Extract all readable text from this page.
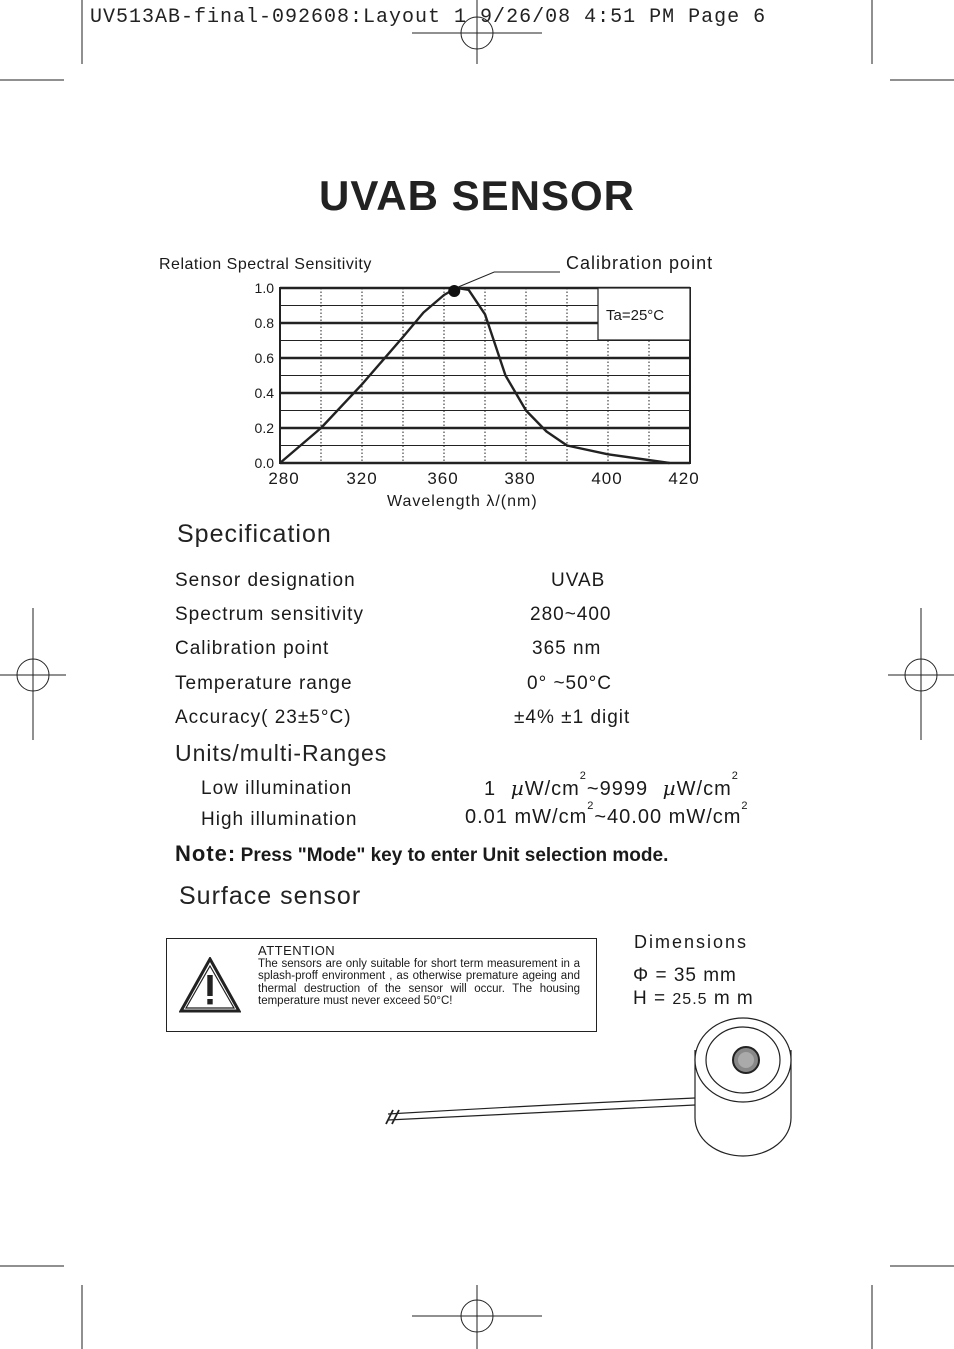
UV513AB-final-092608:Layout 1 9/26/08 4:51 PM Page 6
UVAB SENSOR
Relation Spectral Sensitivity	Calibration point
Ta=25°C
0.0
0.2
0.4
0.6
0.8
1.0
280	320	360	380	400	420
Wavelength λ/(nm)
Specification
Sensor designation	UVAB
Spectrum sensitivity	280~400
Calibration point	365 nm
Temperature range	0° ~50°C
Accuracy( 23±5°C)	±4% ±1 digit
Units/multi-Ranges
Low illumination	1 $\mu W/cm^2\sim 9999$ $\mu W/cm^2$
High illumination	0.01 $mW/cm^2\sim 40.00$ $mW/cm^2$
Note: Press "Mode" key to enter Unit selection mode.
Surface sensor
ATTENTION
The sensors are only suitable for short term measurement in a splash-proff environment , as otherwise premature ageing and thermal destruction of the sensor will occur. The housing temperature must never exceed 50°C!
Dimensions
Φ = 35 mm
H = 25.5 m m
